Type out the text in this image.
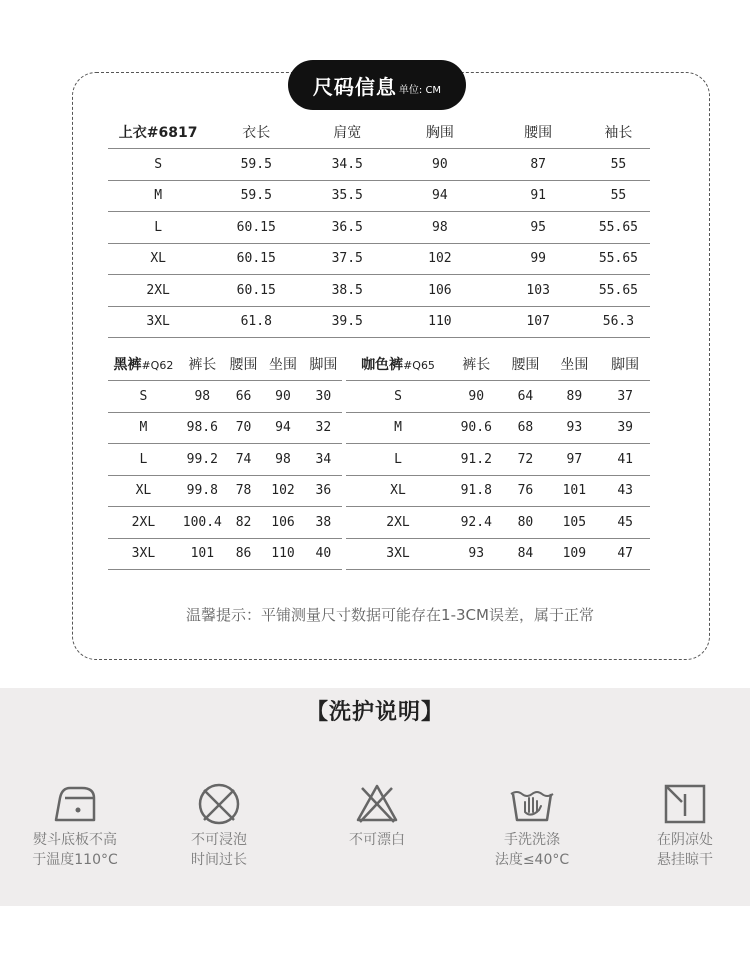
尺码信息 单位: CM
上衣#6817	衣长	肩宽	胸围	腰围	袖长
S	59.5	34.5	90	87	55
M	59.5	35.5	94	91	55
L	60.15	36.5	98	95	55.65
XL	60.15	37.5	102	99	55.65
2XL	60.15	38.5	106	103	55.65
3XL	61.8	39.5	110	107	56.3
黑裤#Q62	裤长	腰围	坐围	脚围
S	98	66	90	30
M	98.6	70	94	32
L	99.2	74	98	34
XL	99.8	78	102	36
2XL	100.4	82	106	38
3XL	101	86	110	40
咖色裤#Q65	裤长	腰围	坐围	脚围
S	90	64	89	37
M	90.6	68	93	39
L	91.2	72	97	41
XL	91.8	76	101	43
2XL	92.4	80	105	45
3XL	93	84	109	47
温馨提示：平铺测量尺寸数据可能存在1-3CM误差，属于正常
【洗护说明】
熨斗底板不高
于温度110°C
不可浸泡
时间过长
不可漂白	手洗洗涤
法度≤40°C
在阴凉处
悬挂晾干
